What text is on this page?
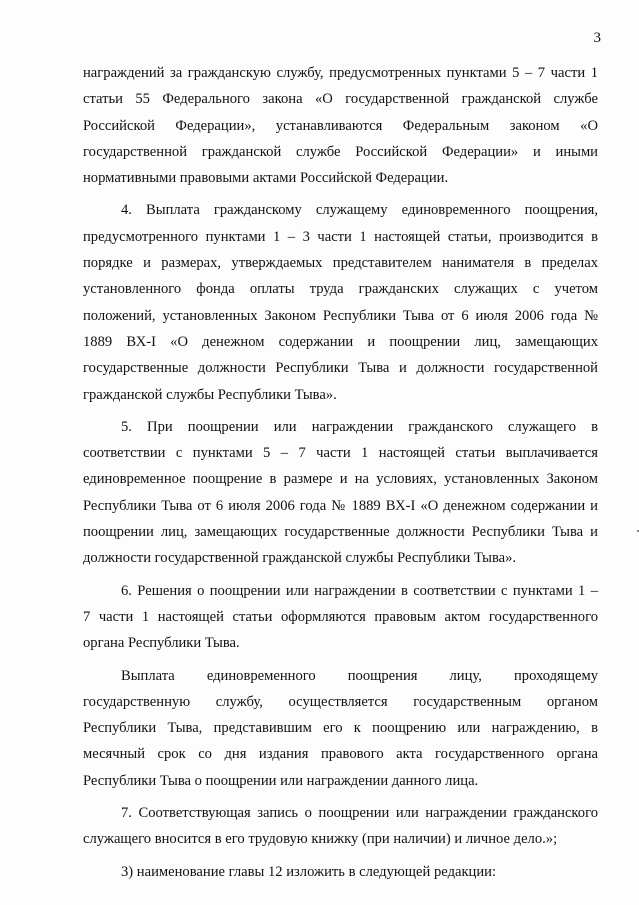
3
награждений за гражданскую службу, предусмотренных пунктами 5 – 7 части 1
статьи 55 Федерального закона «О государственной гражданской службе
Российской Федерации», устанавливаются Федеральным законом «О
государственной гражданской службе Российской Федерации» и иными
нормативными правовыми актами Российской Федерации.
4. Выплата гражданскому служащему единовременного поощрения,
предусмотренного пунктами 1 – 3 части 1 настоящей статьи, производится в
порядке и размерах, утверждаемых представителем нанимателя в пределах
установленного фонда оплаты труда гражданских служащих с учетом
положений, установленных Законом Республики Тыва от 6 июля 2006 года №
1889 ВХ-I «О денежном содержании и поощрении лиц, замещающих
государственные должности Республики Тыва и должности государственной
гражданской службы Республики Тыва».
5. При поощрении или награждении гражданского служащего в
соответствии с пунктами 5 – 7 части 1 настоящей статьи выплачивается
единовременное поощрение в размере и на условиях, установленных Законом
Республики Тыва от 6 июля 2006 года № 1889 ВХ-I «О денежном содержании и
поощрении лиц, замещающих государственные должности Республики Тыва и
должности государственной гражданской службы Республики Тыва».
6. Решения о поощрении или награждении в соответствии с пунктами 1 –
7 части 1 настоящей статьи оформляются правовым актом государственного
органа Республики Тыва.
Выплата единовременного поощрения лицу, проходящему
государственную службу, осуществляется государственным органом
Республики Тыва, представившим его к поощрению или награждению, в
месячный срок со дня издания правового акта государственного органа
Республики Тыва о поощрении или награждении данного лица.
7. Соответствующая запись о поощрении или награждении гражданского
служащего вносится в его трудовую книжку (при наличии) и личное дело.»;
3) наименование главы 12 изложить в следующей редакции:
